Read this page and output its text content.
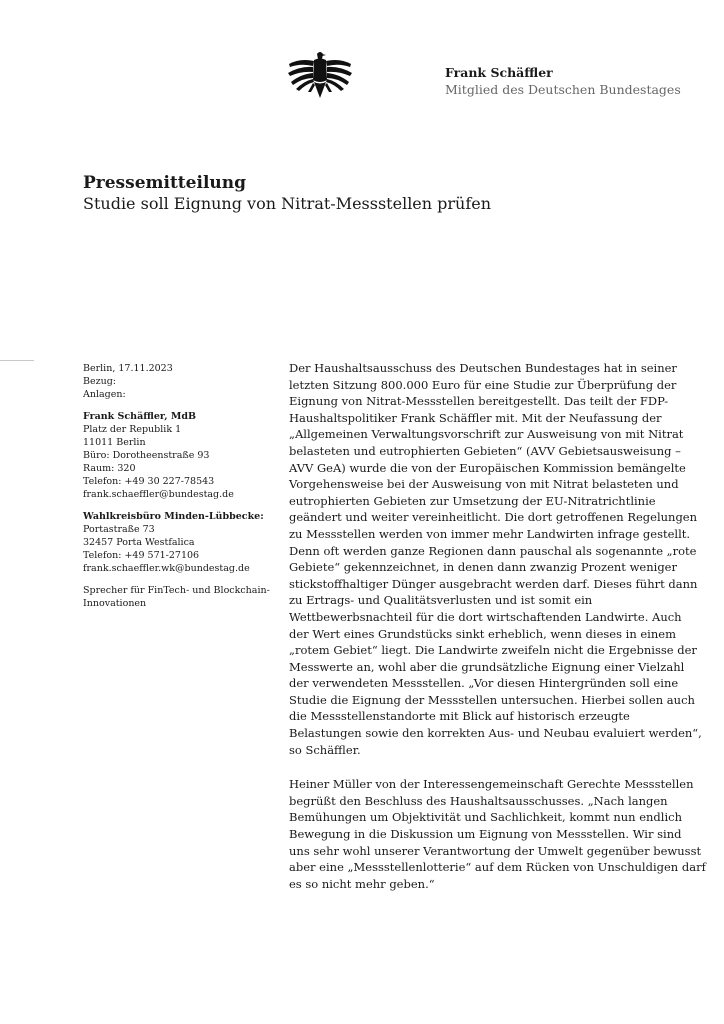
Frank Schäffler
Mitglied des Deutschen Bundestages
Pressemitteilung
Studie soll Eignung von Nitrat-Messstellen prüfen
Berlin, 17.11.2023
Bezug:
Anlagen:
Frank Schäffler, MdB
Platz der Republik 1
11011 Berlin
Büro: Dorotheenstraße 93
Raum: 320
Telefon: +49 30 227-78543
frank.schaeffler@bundestag.de
Wahlkreisbüro Minden-Lübbecke:
Portastraße 73
32457 Porta Westfalica
Telefon: +49 571-27106
frank.schaeffler.wk@bundestag.de
Sprecher für FinTech- und Blockchain-
Innovationen
Der Haushaltsausschuss des Deutschen Bundestages hat in seiner
letzten Sitzung 800.000 Euro für eine Studie zur Überprüfung der
Eignung von Nitrat-Messstellen bereitgestellt. Das teilt der FDP-
Haushaltspolitiker Frank Schäffler mit. Mit der Neufassung der
„Allgemeinen Verwaltungsvorschrift zur Ausweisung von mit Nitrat
belasteten und eutrophierten Gebieten“ (AVV Gebietsausweisung –
AVV GeA) wurde die von der Europäischen Kommission bemängelte
Vorgehensweise bei der Ausweisung von mit Nitrat belasteten und
eutrophierten Gebieten zur Umsetzung der EU-Nitratrichtlinie
geändert und weiter vereinheitlicht. Die dort getroffenen Regelungen
zu Messstellen werden von immer mehr Landwirten infrage gestellt.
Denn oft werden ganze Regionen dann pauschal als sogenannte „rote
Gebiete“ gekennzeichnet, in denen dann zwanzig Prozent weniger
stickstoffhaltiger Dünger ausgebracht werden darf. Dieses führt dann
zu Ertrags- und Qualitätsverlusten und ist somit ein
Wettbewerbsnachteil für die dort wirtschaftenden Landwirte. Auch
der Wert eines Grundstücks sinkt erheblich, wenn dieses in einem
„rotem Gebiet“ liegt. Die Landwirte zweifeln nicht die Ergebnisse der
Messwerte an, wohl aber die grundsätzliche Eignung einer Vielzahl
der verwendeten Messstellen. „Vor diesen Hintergründen soll eine
Studie die Eignung der Messstellen untersuchen. Hierbei sollen auch
die Messstellenstandorte mit Blick auf historisch erzeugte
Belastungen sowie den korrekten Aus- und Neubau evaluiert werden“,
so Schäffler.
Heiner Müller von der Interessengemeinschaft Gerechte Messstellen
begrüßt den Beschluss des Haushaltsausschusses. „Nach langen
Bemühungen um Objektivität und Sachlichkeit, kommt nun endlich
Bewegung in die Diskussion um Eignung von Messstellen. Wir sind
uns sehr wohl unserer Verantwortung der Umwelt gegenüber bewusst
aber eine „Messstellenlotterie“ auf dem Rücken von Unschuldigen darf
es so nicht mehr geben.“
